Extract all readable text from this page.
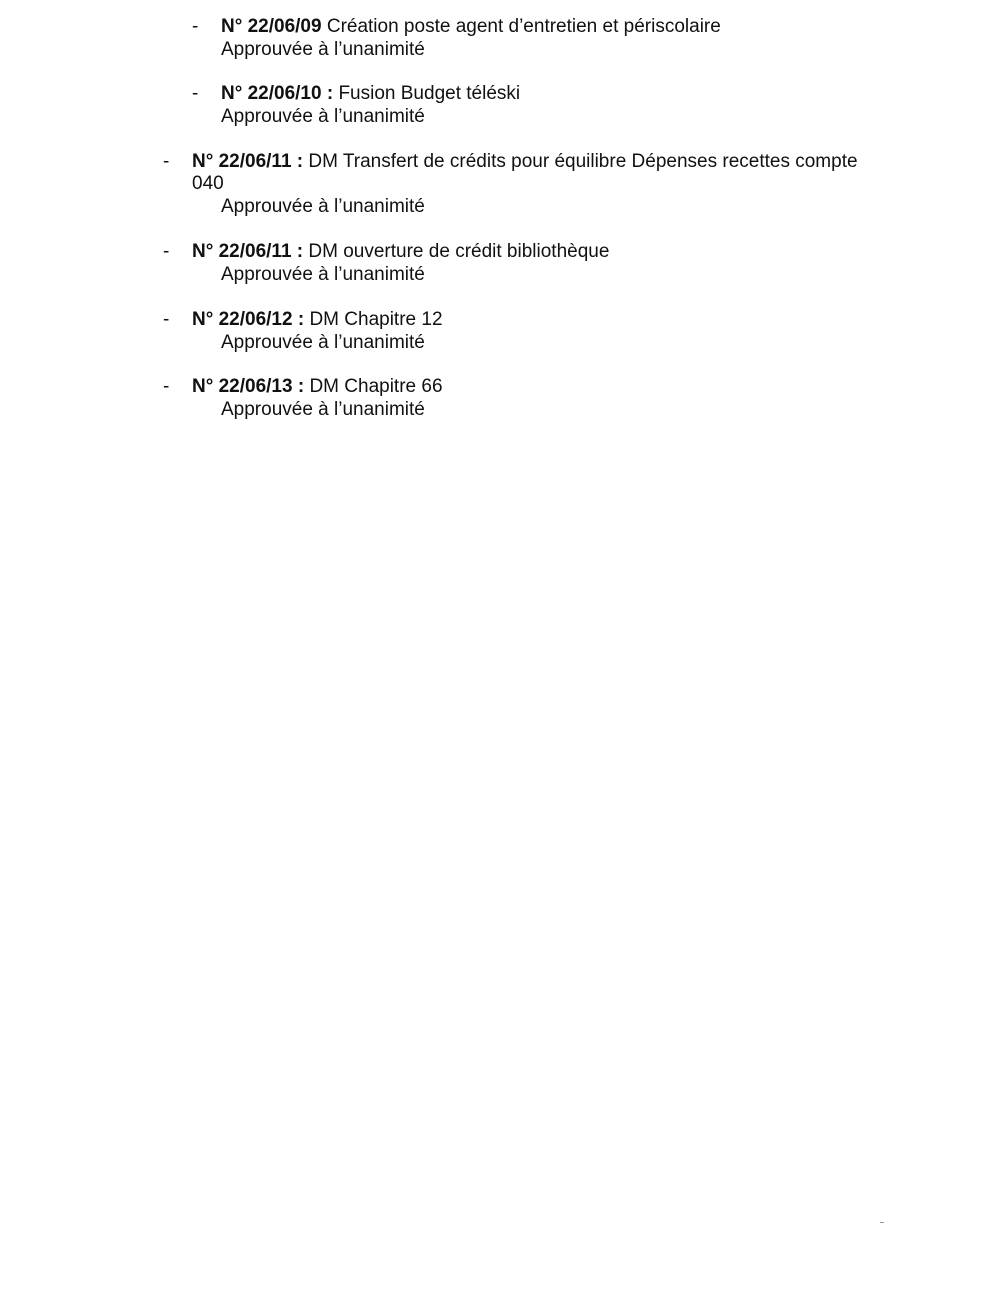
- N° 22/06/09 Création poste agent d’entretien et périscolaire
Approuvée à l’unanimité
- N° 22/06/10 : Fusion Budget téléski
Approuvée à l’unanimité
- N° 22/06/11 : DM Transfert de crédits pour équilibre Dépenses recettes compte
040
Approuvée à l’unanimité
- N° 22/06/11 : DM ouverture de crédit bibliothèque
Approuvée à l’unanimité
- N° 22/06/12 : DM Chapitre 12
Approuvée à l’unanimité
- N° 22/06/13 : DM Chapitre 66
Approuvée à l’unanimité
